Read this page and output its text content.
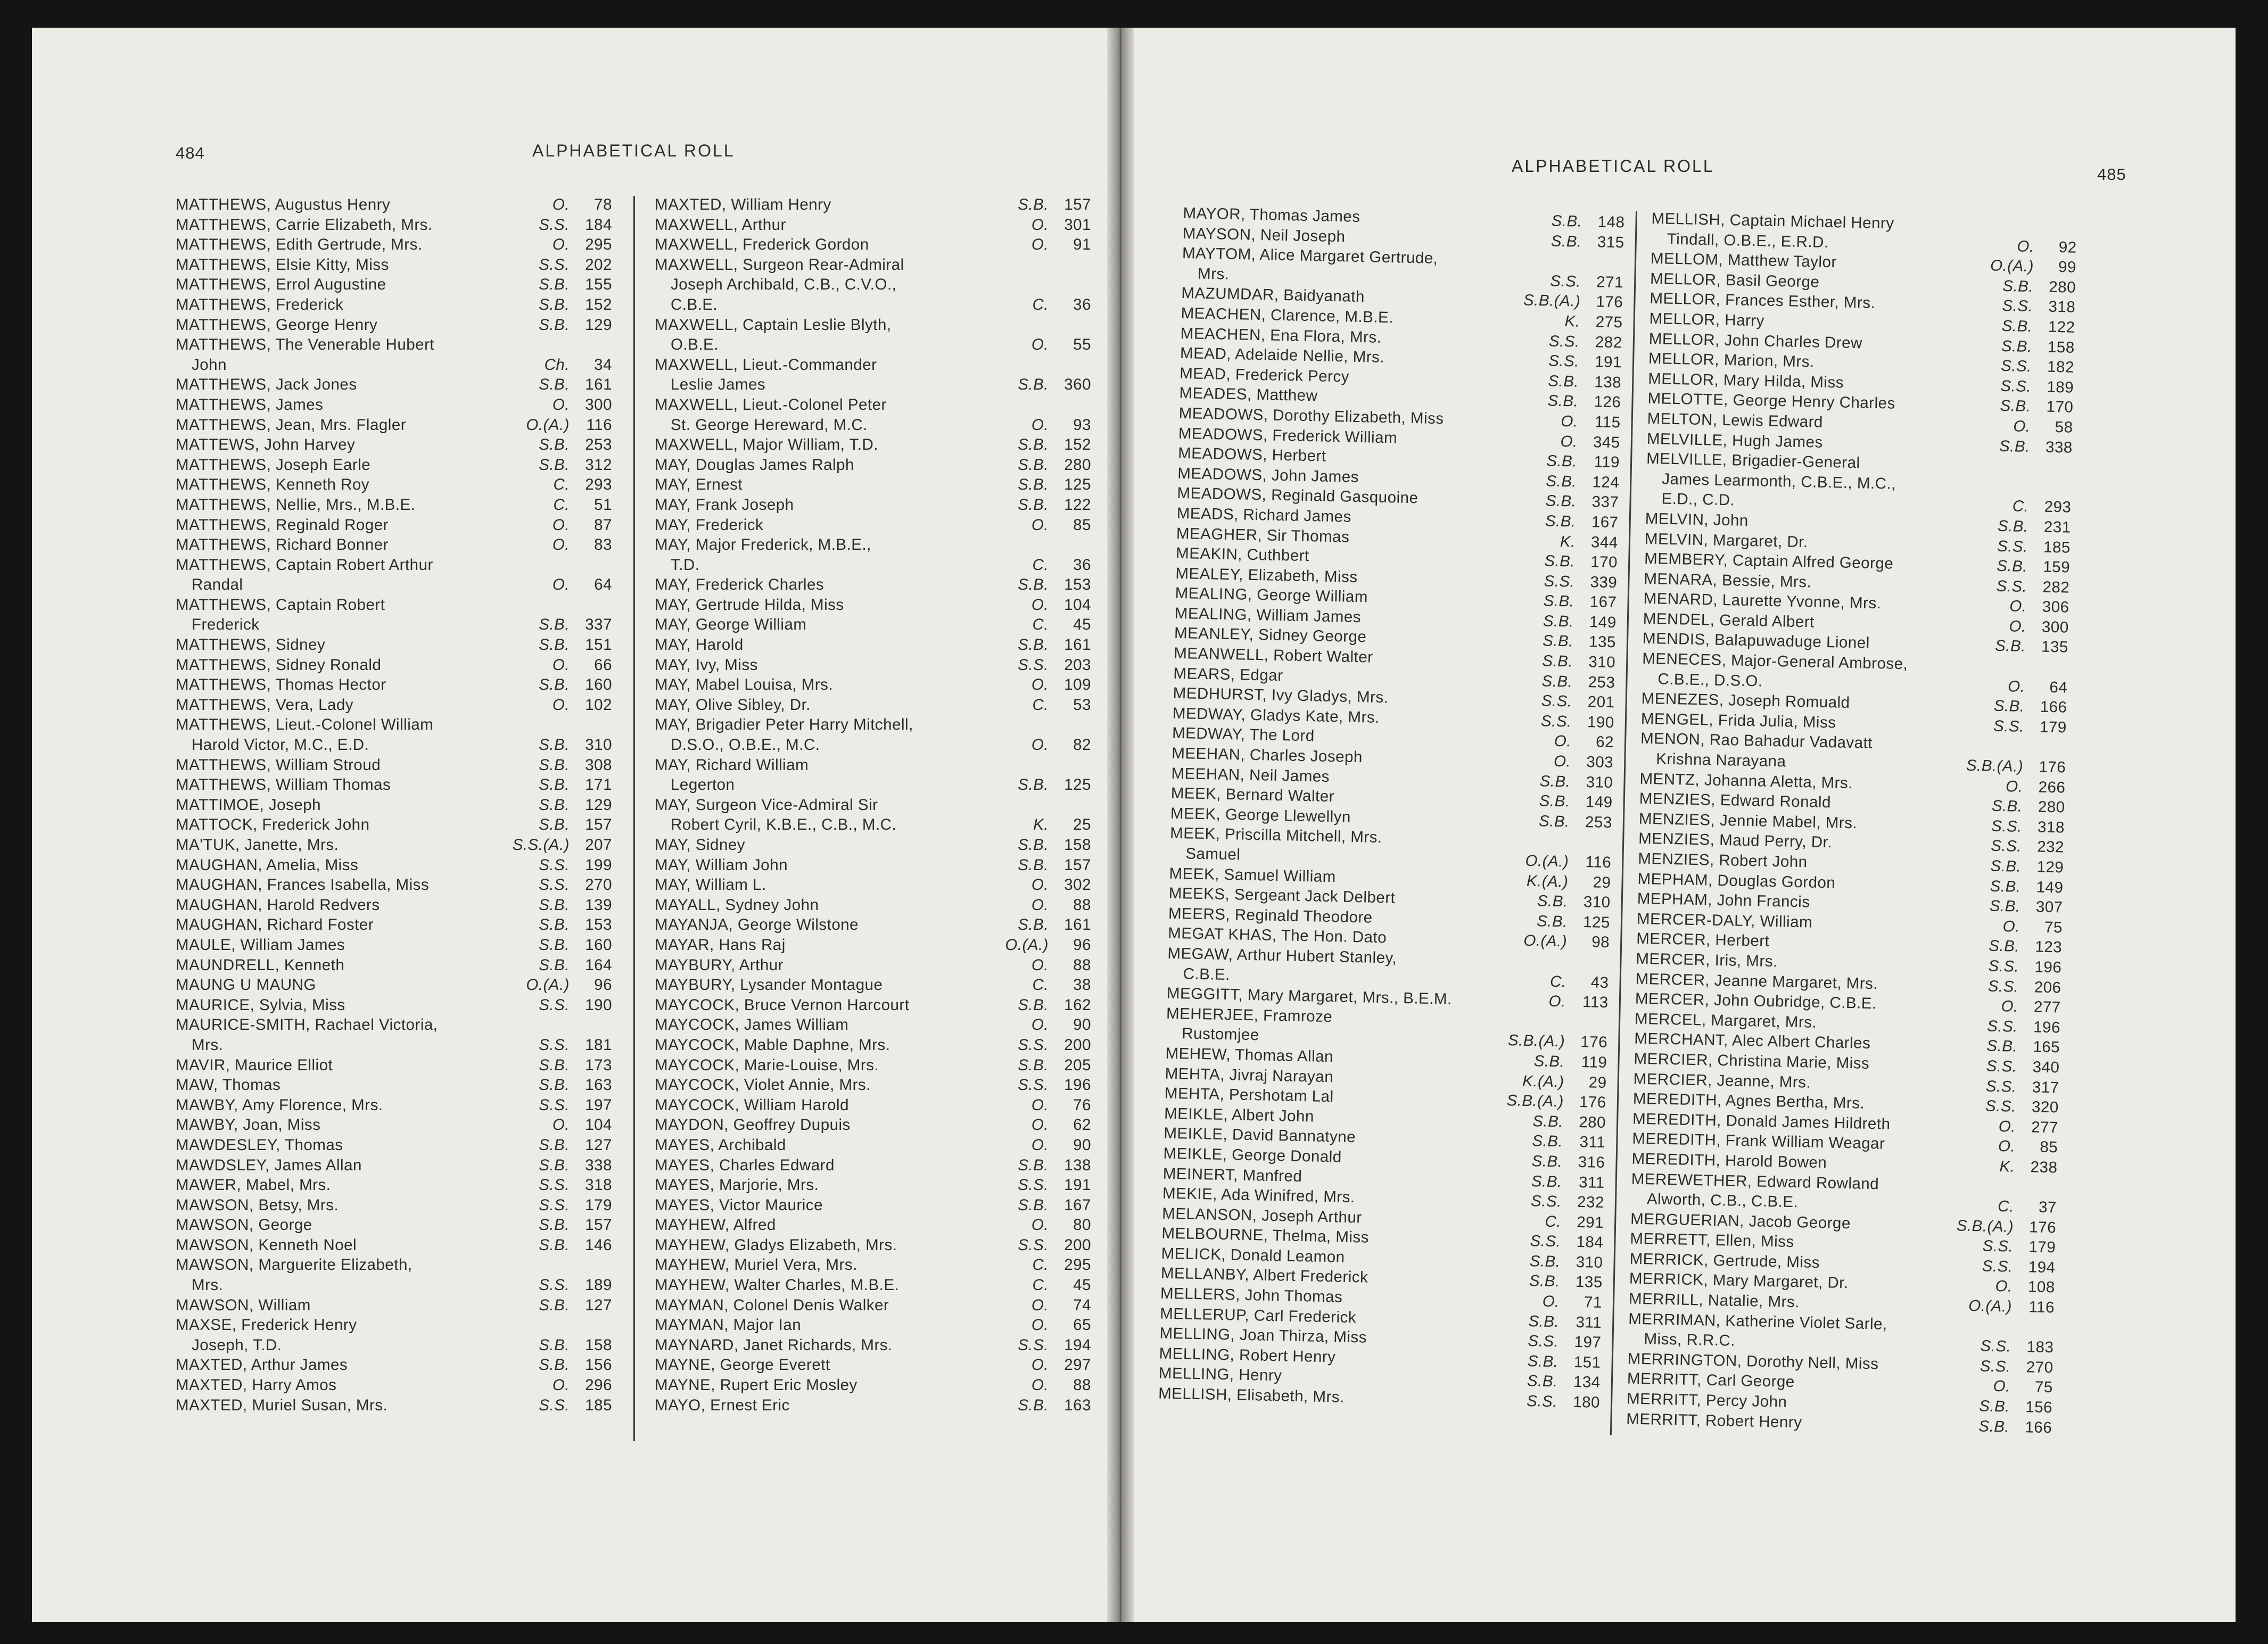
484	ALPHABETICAL ROLL
MATTHEWS, Augustus Henry	O.	78
MATTHEWS, Carrie Elizabeth, Mrs.	S.S. 184
MATTHEWS, Edith Gertrude, Mrs.	O. 295
MATTHEWS, Elsie Kitty, Miss	S.S. 202
MATTHEWS, Errol Augustine	S.B. 155
MATTHEWS, Frederick	S.B. 152
MATTHEWS, George Henry	S.B. 129
MATTHEWS, The Venerable Hubert
John	Ch.	34
MATTHEWS, Jack Jones	S.B. 161
MATTHEWS, James	O. 300
MATTHEWS, Jean, Mrs. Flagler	O.(A.)	116
MATTEWS, John Harvey	S.B. 253
MATTHEWS, Joseph Earle	S.B. 312
MATTHEWS, Kenneth Roy	C. 293
MATTHEWS, Nellie, Mrs., M.B.E.	C.	51
MATTHEWS, Reginald Roger	O.	87
MATTHEWS, Richard Bonner	O.	83
MATTHEWS, Captain Robert Arthur
Randal	O.	64
MATTHEWS, Captain Robert
Frederick	S.B. 337
MATTHEWS, Sidney	S.B. 151
MATTHEWS, Sidney Ronald	O.	66
MATTHEWS, Thomas Hector	S.B. 160
MATTHEWS, Vera, Lady	O. 102
MATTHEWS, Lieut.-Colonel William
Harold Victor, M.C., E.D.	S.B. 310
MATTHEWS, William Stroud	S.B. 308
MATTHEWS, William Thomas	S.B. 171
MATTIMOE, Joseph	S.B. 129
MATTOCK, Frederick John	S.B. 157
MA'TUK, Janette, Mrs.	S.S.(A.) 207
MAUGHAN, Amelia, Miss	S.S. 199
MAUGHAN, Frances Isabella, Miss	S.S. 270
MAUGHAN, Harold Redvers	S.B. 139
MAUGHAN, Richard Foster	S.B. 153
MAULE, William James	S.B. 160
MAUNDRELL, Kenneth	S.B. 164
MAUNG U MAUNG	O.(A.)	96
MAURICE, Sylvia, Miss	S.S. 190
MAURICE-SMITH, Rachael Victoria,
Mrs.	S.S. 181
MAVIR, Maurice Elliot	S.B. 173
MAW, Thomas	S.B. 163
MAWBY, Amy Florence, Mrs.	S.S. 197
MAWBY, Joan, Miss	O. 104
MAWDESLEY, Thomas	S.B. 127
MAWDSLEY, James Allan	S.B. 338
MAWER, Mabel, Mrs.	S.S. 318
MAWSON, Betsy, Mrs.	S.S. 179
MAWSON, George	S.B. 157
MAWSON, Kenneth Noel	S.B. 146
MAWSON, Marguerite Elizabeth,
Mrs.	S.S. 189
MAWSON, William	S.B. 127
MAXSE, Frederick Henry
Joseph, T.D.	S.B. 158
MAXTED, Arthur James	S.B. 156
MAXTED, Harry Amos	O. 296
MAXTED, Muriel Susan, Mrs.	S.S. 185
MAXTED, William Henry	S.B. 157
MAXWELL, Arthur	O. 301
MAXWELL, Frederick Gordon	O.	91
MAXWELL, Surgeon Rear-Admiral
Joseph Archibald, C.B., C.V.O.,
C.B.E.	C.	36
MAXWELL, Captain Leslie Blyth,
O.B.E.	O.	55
MAXWELL, Lieut.-Commander
Leslie James	S.B. 360
MAXWELL, Lieut.-Colonel Peter
St. George Hereward, M.C.	O.	93
MAXWELL, Major William, T.D.	S.B. 152
MAY, Douglas James Ralph	S.B. 280
MAY, Ernest	S.B. 125
MAY, Frank Joseph	S.B. 122
MAY, Frederick	O.	85
MAY, Major Frederick, M.B.E.,
T.D.	C.	36
MAY, Frederick Charles	S.B. 153
MAY, Gertrude Hilda, Miss	O. 104
MAY, George William	C.	45
MAY, Harold	S.B. 161
MAY, Ivy, Miss	S.S. 203
MAY, Mabel Louisa, Mrs.	O. 109
MAY, Olive Sibley, Dr.	C.	53
MAY, Brigadier Peter Harry Mitchell,
D.S.O., O.B.E., M.C.	O.	82
MAY, Richard William
Legerton	S.B. 125
MAY, Surgeon Vice-Admiral Sir
Robert Cyril, K.B.E., C.B., M.C.	K.	25
MAY, Sidney	S.B. 158
MAY, William John	S.B. 157
MAY, William L.	O. 302
MAYALL, Sydney John	O.	88
MAYANJA, George Wilstone	S.B. 161
MAYAR, Hans Raj	O.(A.)	96
MAYBURY, Arthur	O.	88
MAYBURY, Lysander Montague	C.	38
MAYCOCK, Bruce Vernon Harcourt	S.B. 162
MAYCOCK, James William	O.	90
MAYCOCK, Mable Daphne, Mrs.	S.S. 200
MAYCOCK, Marie-Louise, Mrs.	S.B. 205
MAYCOCK, Violet Annie, Mrs.	S.S. 196
MAYCOCK, William Harold	O.	76
MAYDON, Geoffrey Dupuis	O.	62
MAYES, Archibald	O.	90
MAYES, Charles Edward	S.B. 138
MAYES, Marjorie, Mrs.	S.S. 191
MAYES, Victor Maurice	S.B. 167
MAYHEW, Alfred	O.	80
MAYHEW, Gladys Elizabeth, Mrs.	S.S. 200
MAYHEW, Muriel Vera, Mrs.	C. 295
MAYHEW, Walter Charles, M.B.E.	C.	45
MAYMAN, Colonel Denis Walker	O.	74
MAYMAN, Major Ian	O.	65
MAYNARD, Janet Richards, Mrs.	S.S. 194
MAYNE, George Everett	O. 297
MAYNE, Rupert Eric Mosley	O.	88
MAYO, Ernest Eric	S.B. 163
ALPHABETICAL ROLL	485
MAYOR, Thomas James	S.B. 148
MAYSON, Neil Joseph	S.B. 315
MAYTOM, Alice Margaret Gertrude,
Mrs.	S.S. 271
MAZUMDAR, Baidyanath	S.B.(A.) 176
MEACHEN, Clarence, M.B.E.	K. 275
MEACHEN, Ena Flora, Mrs.	S.S. 282
MEAD, Adelaide Nellie, Mrs.	S.S. 191
MEAD, Frederick Percy	S.B. 138
MEADES, Matthew	S.B. 126
MEADOWS, Dorothy Elizabeth, Miss	O.	115
MEADOWS, Frederick William	O. 345
MEADOWS, Herbert	S.B.	119
MEADOWS, John James	S.B. 124
MEADOWS, Reginald Gasquoine	S.B. 337
MEADS, Richard James	S.B. 167
MEAGHER, Sir Thomas	K. 344
MEAKIN, Cuthbert	S.B. 170
MEALEY, Elizabeth, Miss	S.S. 339
MEALING, George William	S.B. 167
MEALING, William James	S.B. 149
MEANLEY, Sidney George	S.B. 135
MEANWELL, Robert Walter	S.B. 310
MEARS, Edgar	S.B. 253
MEDHURST, Ivy Gladys, Mrs.	S.S. 201
MEDWAY, Gladys Kate, Mrs.	S.S. 190
MEDWAY, The Lord	O.	62
MEEHAN, Charles Joseph	O. 303
MEEHAN, Neil James	S.B. 310
MEEK, Bernard Walter	S.B. 149
MEEK, George Llewellyn	S.B. 253
MEEK, Priscilla Mitchell, Mrs.
Samuel	O.(A.)	116
MEEK, Samuel William	K.(A.)	29
MEEKS, Sergeant Jack Delbert	S.B. 310
MEERS, Reginald Theodore	S.B. 125
MEGAT KHAS, The Hon. Dato	O.(A.)	98
MEGAW, Arthur Hubert Stanley,
C.B.E.	C.	43
MEGGITT, Mary Margaret, Mrs., B.E.M.	O.	113
MEHERJEE, Framroze
Rustomjee	S.B.(A.) 176
MEHEW, Thomas Allan	S.B.	119
MEHTA, Jivraj Narayan	K.(A.)	29
MEHTA, Pershotam Lal	S.B.(A.) 176
MEIKLE, Albert John	S.B. 280
MEIKLE, David Bannatyne	S.B.	311
MEIKLE, George Donald	S.B. 316
MEINERT, Manfred	S.B.	311
MEKIE, Ada Winifred, Mrs.	S.S. 232
MELANSON, Joseph Arthur	C. 291
MELBOURNE, Thelma, Miss	S.S. 184
MELICK, Donald Leamon	S.B. 310
MELLANBY, Albert Frederick	S.B. 135
MELLERS, John Thomas	O.	71
MELLERUP, Carl Frederick	S.B.	311
MELLING, Joan Thirza, Miss	S.S. 197
MELLING, Robert Henry	S.B. 151
MELLING, Henry	S.B. 134
MELLISH, Elisabeth, Mrs.	S.S. 180
MELLISH, Captain Michael Henry
Tindall, O.B.E., E.R.D.	O.	92
MELLOM, Matthew Taylor	O.(A.)	99
MELLOR, Basil George	S.B. 280
MELLOR, Frances Esther, Mrs.	S.S. 318
MELLOR, Harry	S.B. 122
MELLOR, John Charles Drew	S.B. 158
MELLOR, Marion, Mrs.	S.S. 182
MELLOR, Mary Hilda, Miss	S.S. 189
MELOTTE, George Henry Charles	S.B. 170
MELTON, Lewis Edward	O.	58
MELVILLE, Hugh James	S.B. 338
MELVILLE, Brigadier-General
James Learmonth, C.B.E., M.C.,
E.D., C.D.	C. 293
MELVIN, John	S.B. 231
MELVIN, Margaret, Dr.	S.S. 185
MEMBERY, Captain Alfred George	S.B. 159
MENARA, Bessie, Mrs.	S.S. 282
MENARD, Laurette Yvonne, Mrs.	O. 306
MENDEL, Gerald Albert	O. 300
MENDIS, Balapuwaduge Lionel	S.B. 135
MENECES, Major-General Ambrose,
C.B.E., D.S.O.	O.	64
MENEZES, Joseph Romuald	S.B. 166
MENGEL, Frida Julia, Miss	S.S. 179
MENON, Rao Bahadur Vadavatt
Krishna Narayana	S.B.(A.) 176
MENTZ, Johanna Aletta, Mrs.	O. 266
MENZIES, Edward Ronald	S.B. 280
MENZIES, Jennie Mabel, Mrs.	S.S. 318
MENZIES, Maud Perry, Dr.	S.S. 232
MENZIES, Robert John	S.B. 129
MEPHAM, Douglas Gordon	S.B. 149
MEPHAM, John Francis	S.B. 307
MERCER-DALY, William	O.	75
MERCER, Herbert	S.B. 123
MERCER, Iris, Mrs.	S.S. 196
MERCER, Jeanne Margaret, Mrs.	S.S. 206
MERCER, John Oubridge, C.B.E.	O. 277
MERCEL, Margaret, Mrs.	S.S. 196
MERCHANT, Alec Albert Charles	S.B. 165
MERCIER, Christina Marie, Miss	S.S. 340
MERCIER, Jeanne, Mrs.	S.S. 317
MEREDITH, Agnes Bertha, Mrs.	S.S. 320
MEREDITH, Donald James Hildreth	O. 277
MEREDITH, Frank William Weagar	O.	85
MEREDITH, Harold Bowen	K. 238
MEREWETHER, Edward Rowland
Alworth, C.B., C.B.E.	C.	37
MERGUERIAN, Jacob George	S.B.(A.) 176
MERRETT, Ellen, Miss	S.S. 179
MERRICK, Gertrude, Miss	S.S. 194
MERRICK, Mary Margaret, Dr.	O. 108
MERRILL, Natalie, Mrs.	O.(A.)	116
MERRIMAN, Katherine Violet Sarle,
Miss, R.R.C.	S.S. 183
MERRINGTON, Dorothy Nell, Miss	S.S. 270
MERRITT, Carl George	O.	75
MERRITT, Percy John	S.B. 156
MERRITT, Robert Henry	S.B. 166
